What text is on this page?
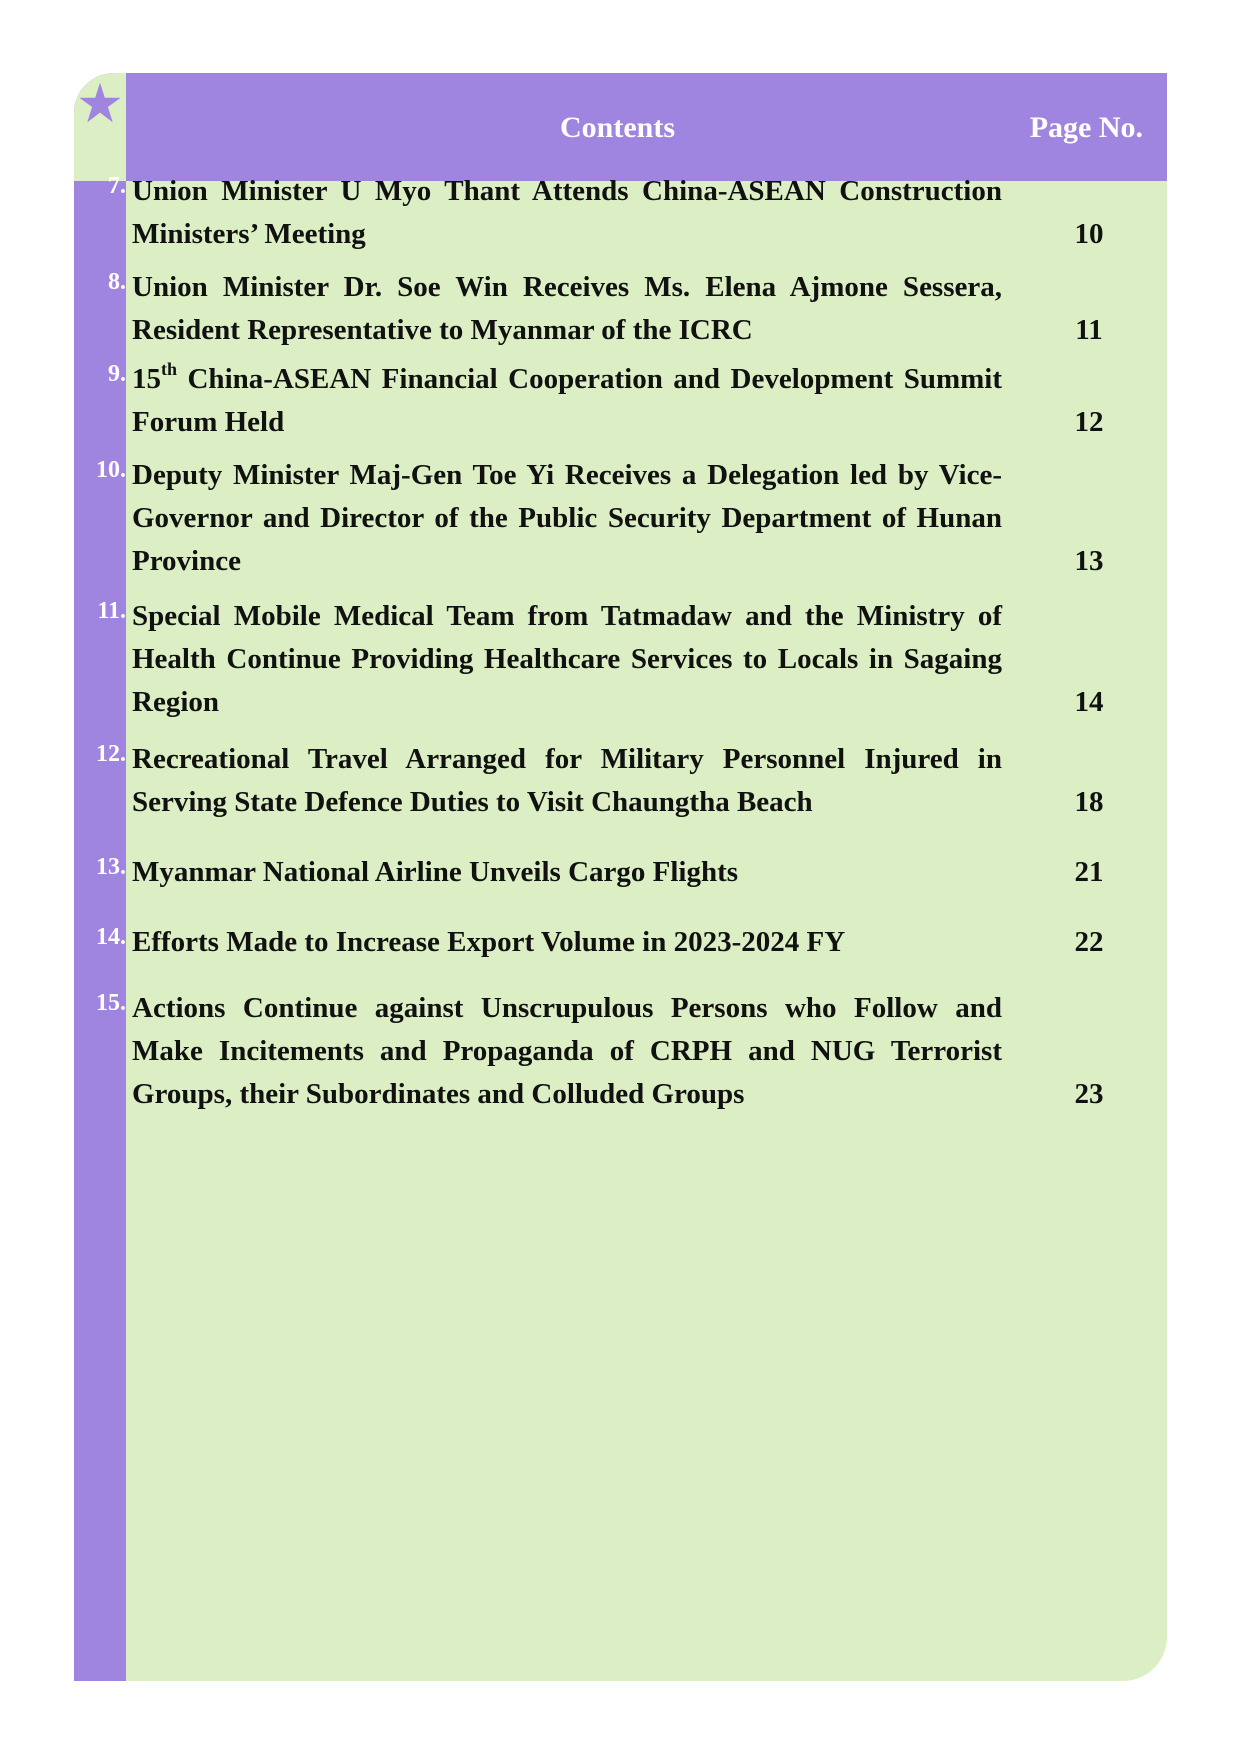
Contents	Page No.
7. Union Minister U Myo Thant Attends China-ASEAN Construction Ministers’ Meeting	10
8. Union Minister Dr. Soe Win Receives Ms. Elena Ajmone Sessera, Resident Representative to Myanmar of the ICRC	11
9. 15th China-ASEAN Financial Cooperation and Development Summit Forum Held	12
10. Deputy Minister Maj-Gen Toe Yi Receives a Delegation led by Vice-Governor and Director of the Public Security Department of Hunan Province	13
11. Special Mobile Medical Team from Tatmadaw and the Ministry of Health Continue Providing Healthcare Services to Locals in Sagaing Region	14
12. Recreational Travel Arranged for Military Personnel Injured in Serving State Defence Duties to Visit Chaungtha Beach	18
13. Myanmar National Airline Unveils Cargo Flights	21
14. Efforts Made to Increase Export Volume in 2023-2024 FY	22
15. Actions Continue against Unscrupulous Persons who Follow and Make Incitements and Propaganda of CRPH and NUG Terrorist Groups, their Subordinates and Colluded Groups	23
